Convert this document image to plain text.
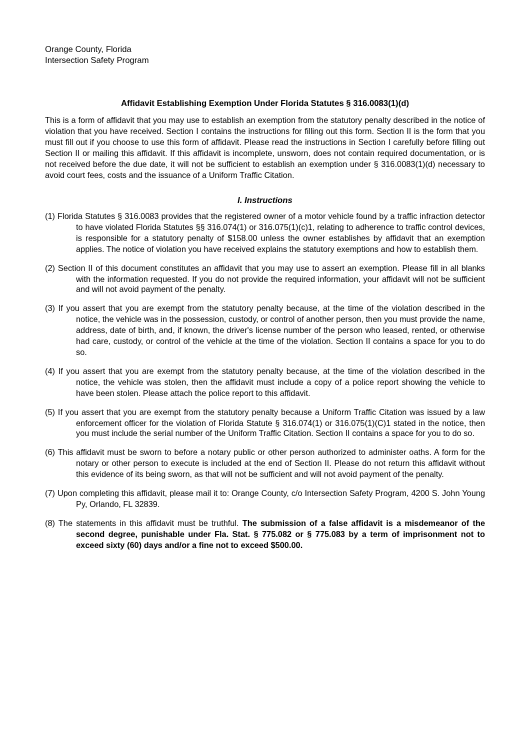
Orange County, Florida
Intersection Safety Program
Affidavit Establishing Exemption Under Florida Statutes § 316.0083(1)(d)
This is a form of affidavit that you may use to establish an exemption from the statutory penalty described in the notice of violation that you have received. Section I contains the instructions for filling out this form. Section II is the form that you must fill out if you choose to use this form of affidavit. Please read the instructions in Section I carefully before filling out Section II or mailing this affidavit. If this affidavit is incomplete, unsworn, does not contain required documentation, or is not received before the due date, it will not be sufficient to establish an exemption under § 316.0083(1)(d) necessary to avoid court fees, costs and the issuance of a Uniform Traffic Citation.
I. Instructions
(1) Florida Statutes § 316.0083 provides that the registered owner of a motor vehicle found by a traffic infraction detector to have violated Florida Statutes §§ 316.074(1) or 316.075(1)(c)1, relating to adherence to traffic control devices, is responsible for a statutory penalty of $158.00 unless the owner establishes by affidavit that an exemption applies. The notice of violation you have received explains the statutory exemptions and how to establish them.
(2) Section II of this document constitutes an affidavit that you may use to assert an exemption. Please fill in all blanks with the information requested. If you do not provide the required information, your affidavit will not be sufficient and will not avoid payment of the penalty.
(3) If you assert that you are exempt from the statutory penalty because, at the time of the violation described in the notice, the vehicle was in the possession, custody, or control of another person, then you must provide the name, address, date of birth, and, if known, the driver's license number of the person who leased, rented, or otherwise had care, custody, or control of the vehicle at the time of the violation. Section II contains a space for you to do so.
(4) If you assert that you are exempt from the statutory penalty because, at the time of the violation described in the notice, the vehicle was stolen, then the affidavit must include a copy of a police report showing the vehicle to have been stolen. Please attach the police report to this affidavit.
(5) If you assert that you are exempt from the statutory penalty because a Uniform Traffic Citation was issued by a law enforcement officer for the violation of Florida Statute § 316.074(1) or 316.075(1)(C)1 stated in the notice, then you must include the serial number of the Uniform Traffic Citation. Section II contains a space for you to do so.
(6) This affidavit must be sworn to before a notary public or other person authorized to administer oaths. A form for the notary or other person to execute is included at the end of Section II. Please do not return this affidavit without this evidence of its being sworn, as that will not be sufficient and will not avoid payment of the penalty.
(7) Upon completing this affidavit, please mail it to: Orange County, c/o Intersection Safety Program, 4200 S. John Young Py, Orlando, FL 32839.
(8) The statements in this affidavit must be truthful. The submission of a false affidavit is a misdemeanor of the second degree, punishable under Fla. Stat. § 775.082 or § 775.083 by a term of imprisonment not to exceed sixty (60) days and/or a fine not to exceed $500.00.
